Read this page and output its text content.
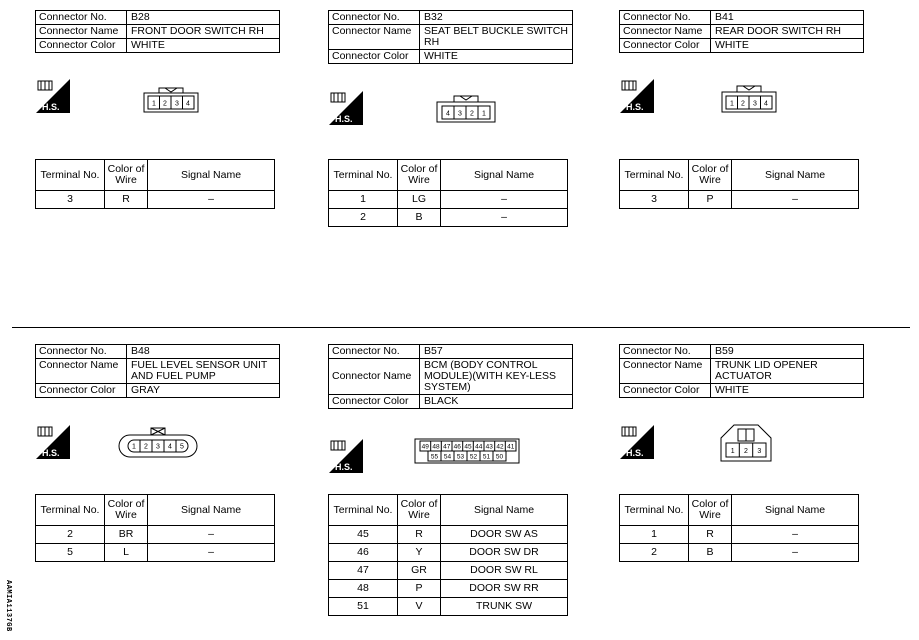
Connector No.	B28
Connector Name	FRONT DOOR SWITCH RH
Connector Color	WHITE
H.S.	1 2 3 4
Terminal No.	Color of Wire	Signal Name
3	R	–
Connector No.	B32
Connector Name	SEAT BELT BUCKLE SWITCH RH
Connector Color	WHITE
H.S.	4 3 2 1
Terminal No.	Color of Wire	Signal Name
1	LG	–
2	B	–
Connector No.	B41
Connector Name	REAR DOOR SWITCH RH
Connector Color	WHITE
H.S.	1 2 3 4
Terminal No.	Color of Wire	Signal Name
3	P	–
Connector No.	B48
Connector Name	FUEL LEVEL SENSOR UNIT AND FUEL PUMP
Connector Color	GRAY
H.S.
1 2 3 4 5
Terminal No.	Color of Wire	Signal Name
2	BR	–
5	L	–
Connector No.	B57
Connector Name	BCM (BODY CONTROL MODULE)(WITH KEY-LESS SYSTEM)
Connector Color	BLACK
H.S.
49 48 47 46 45 44 43 42 41
55 54 53 52 51 50
Terminal No.	Color of Wire	Signal Name
45	R	DOOR SW AS
46	Y	DOOR SW DR
47	GR	DOOR SW RL
48	P	DOOR SW RR
51	V	TRUNK SW
Connector No.	B59
Connector Name	TRUNK LID OPENER ACTUATOR
Connector Color	WHITE
H.S.	1 2 3
Terminal No.	Color of Wire	Signal Name
1	R	–
2	B	–
AAMIA1137GB
